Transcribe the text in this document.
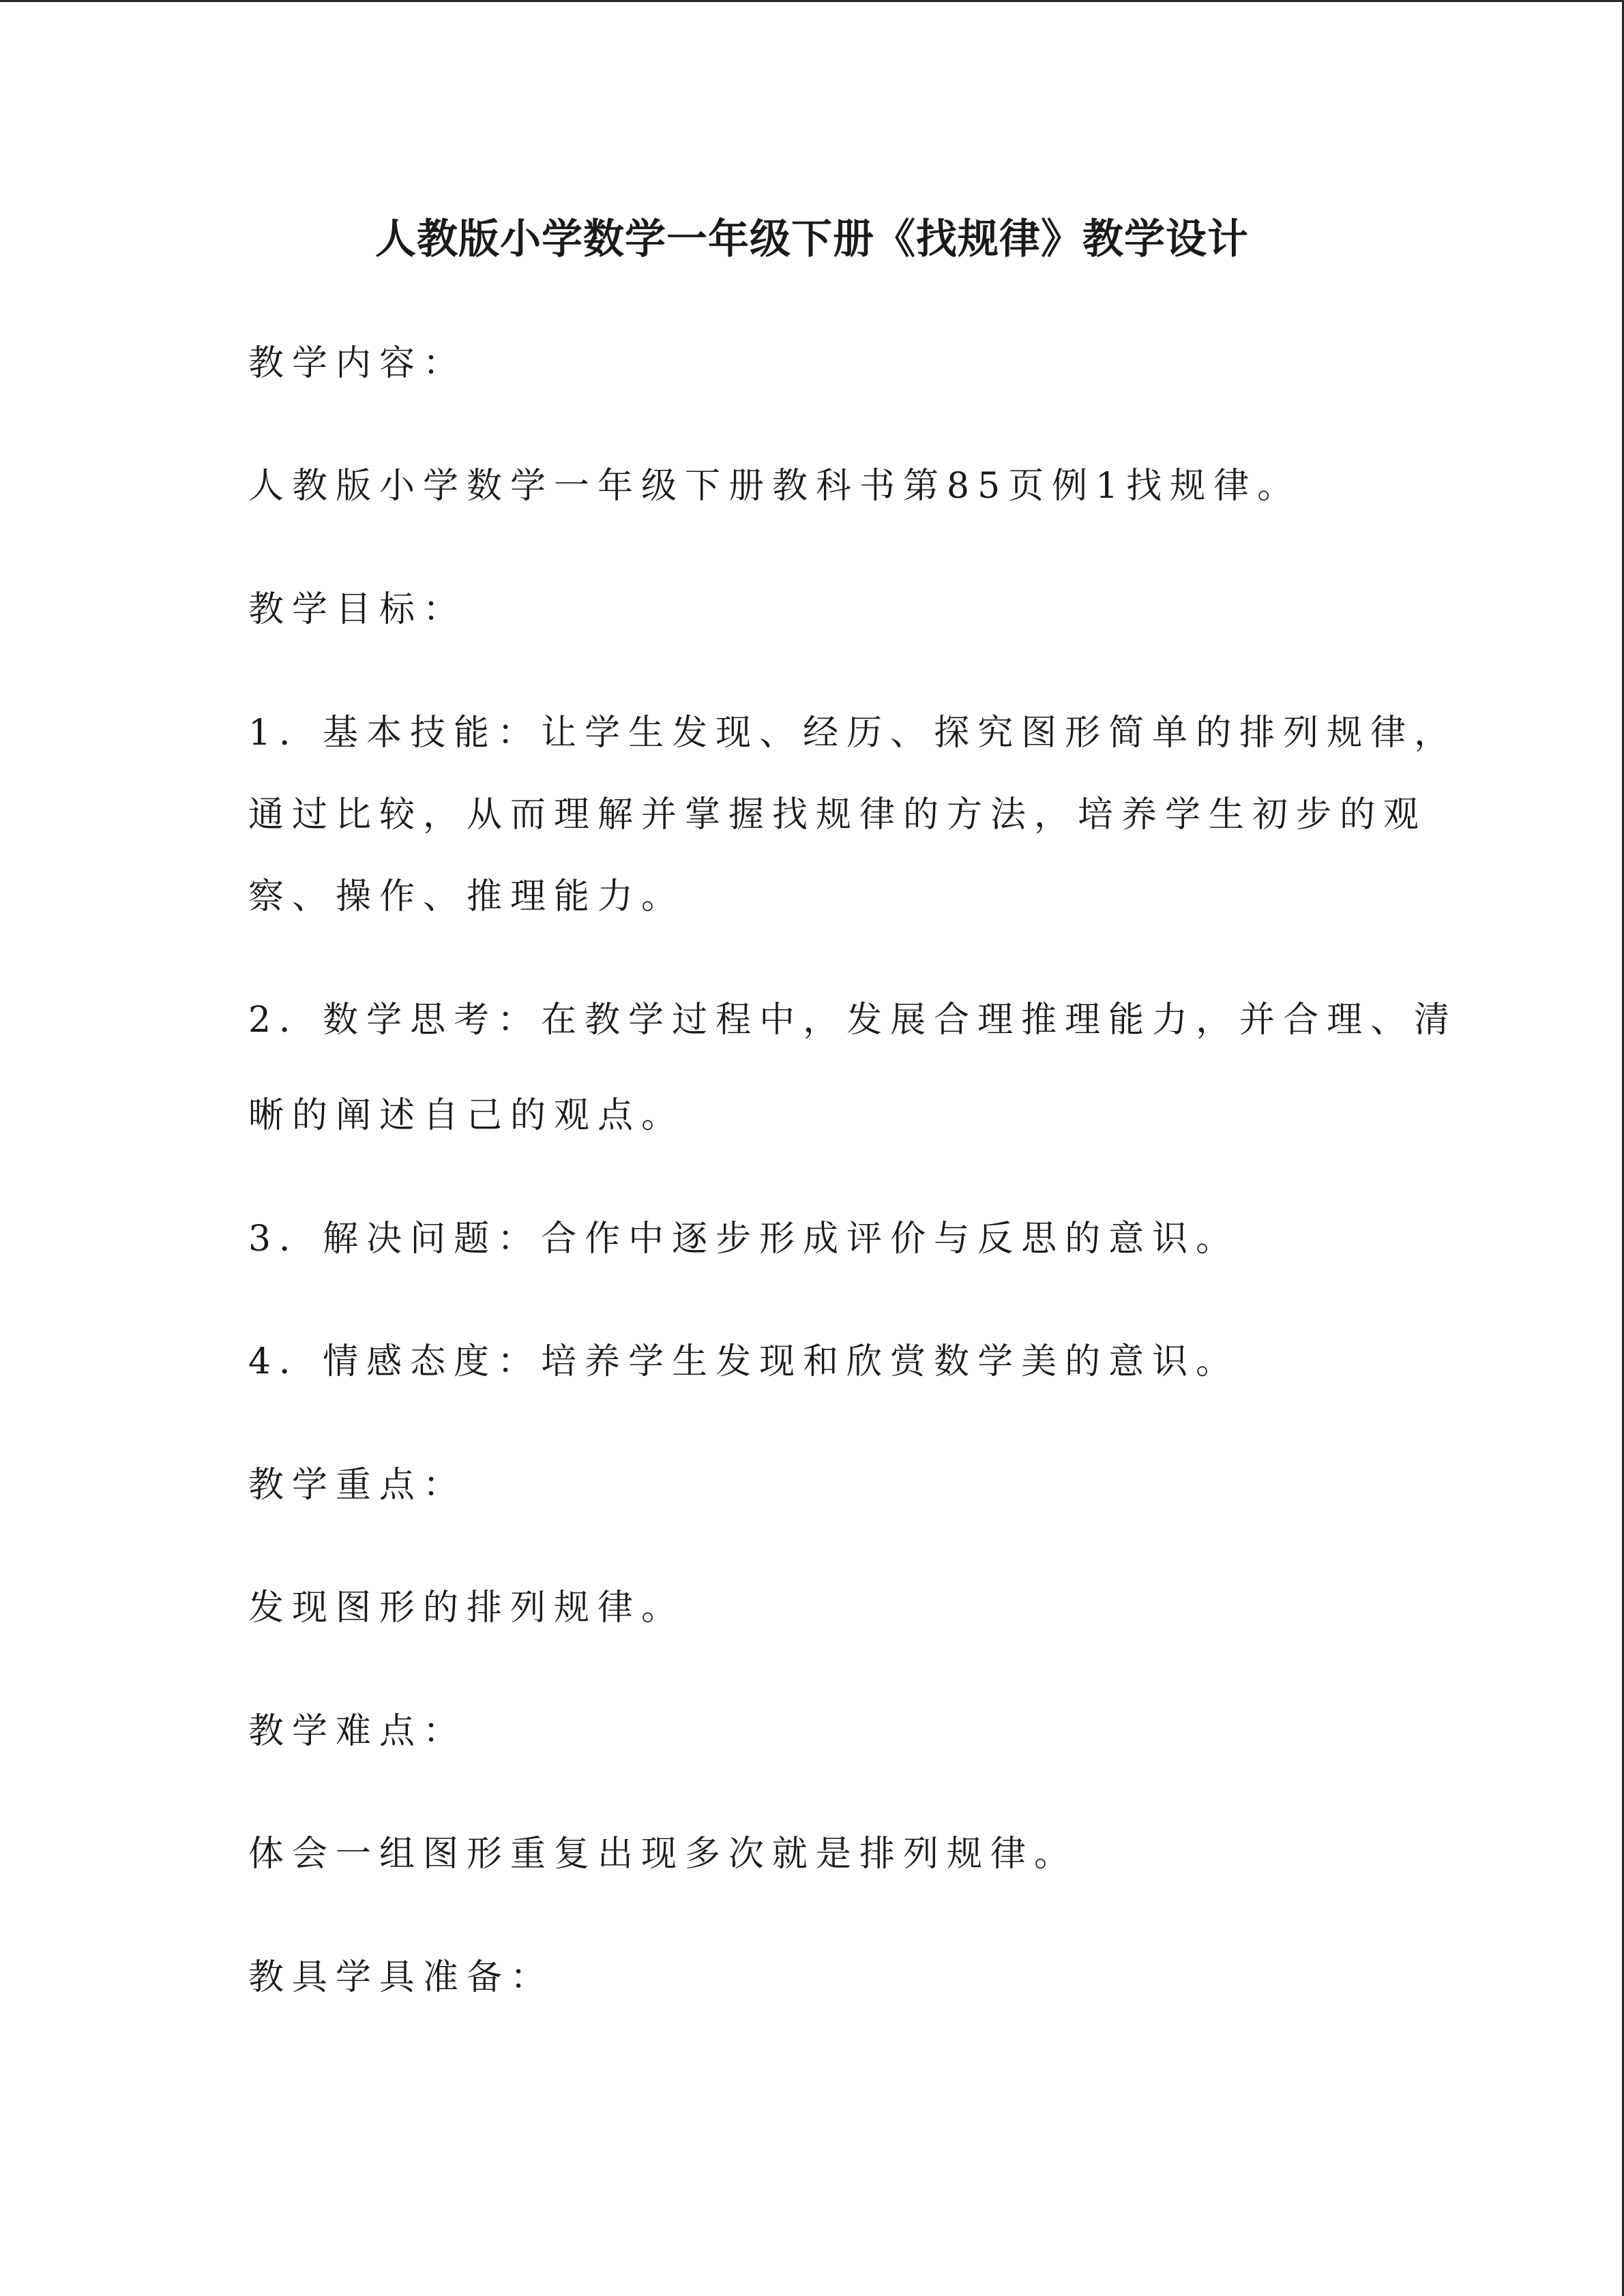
人教版小学数学一年级下册《找规律》教学设计
教学内容：
人教版小学数学一年级下册教科书第85页例1找规律。
教学目标：
1．基本技能：让学生发现、经历、探究图形简单的排列规律，
通过比较，从而理解并掌握找规律的方法，培养学生初步的观
察、操作、推理能力。
2．数学思考：在教学过程中，发展合理推理能力，并合理、清
晰的阐述自己的观点。
3．解决问题：合作中逐步形成评价与反思的意识。
4．情感态度：培养学生发现和欣赏数学美的意识。
教学重点：
发现图形的排列规律。
教学难点：
体会一组图形重复出现多次就是排列规律。
教具学具准备：
